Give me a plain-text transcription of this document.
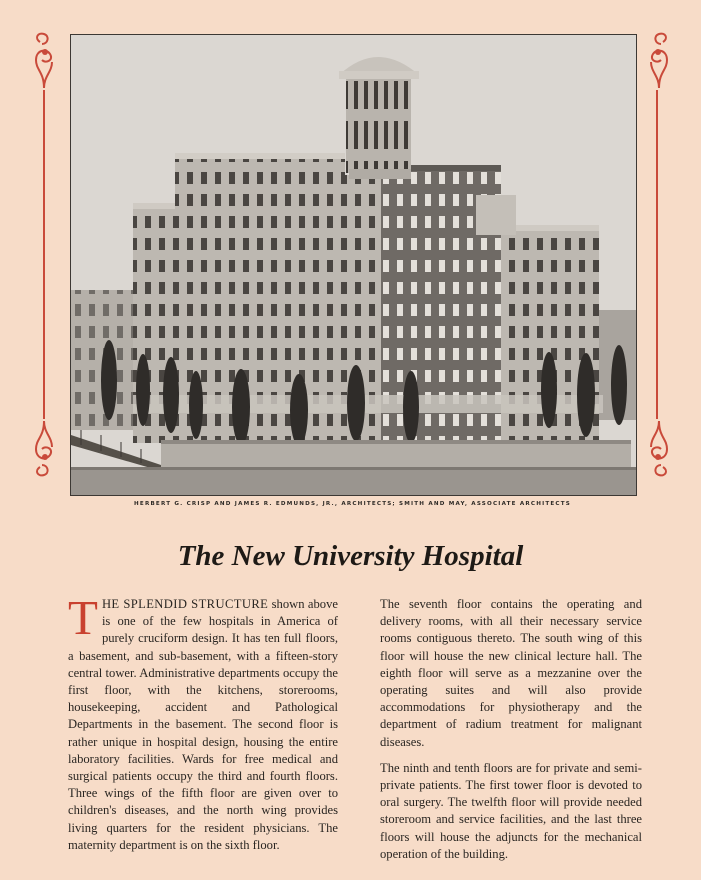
HERBERT G. CRISP AND JAMES R. EDMUNDS, JR., ARCHITECTS; SMITH AND MAY, ASSOCIATE ARCHITECTS
The New University Hospital

THE SPLENDID STRUCTURE shown above is one of the few hospitals in America of purely cruciform design. It has ten full floors, a basement, and sub-basement, with a fifteen-story central tower. Administrative departments occupy the first floor, with the kitchens, storerooms, housekeeping, accident and Pathological Departments in the basement. The second floor is rather unique in hospital design, housing the entire laboratory facilities. Wards for free medical and surgical patients occupy the third and fourth floors. Three wings of the fifth floor are given over to children's diseases, and the north wing provides living quarters for the resident physicians. The maternity department is on the sixth floor.

The seventh floor contains the operating and delivery rooms, with all their necessary service rooms contiguous thereto. The south wing of this floor will house the new clinical lecture hall. The eighth floor will serve as a mezzanine over the operating suites and will also provide accommodations for physiotherapy and the department of radium treatment for malignant diseases.

The ninth and tenth floors are for private and semi-private patients. The first tower floor is devoted to oral surgery. The twelfth floor will provide needed storeroom and service facilities, and the last three floors will house the adjuncts for the mechanical operation of the building.
